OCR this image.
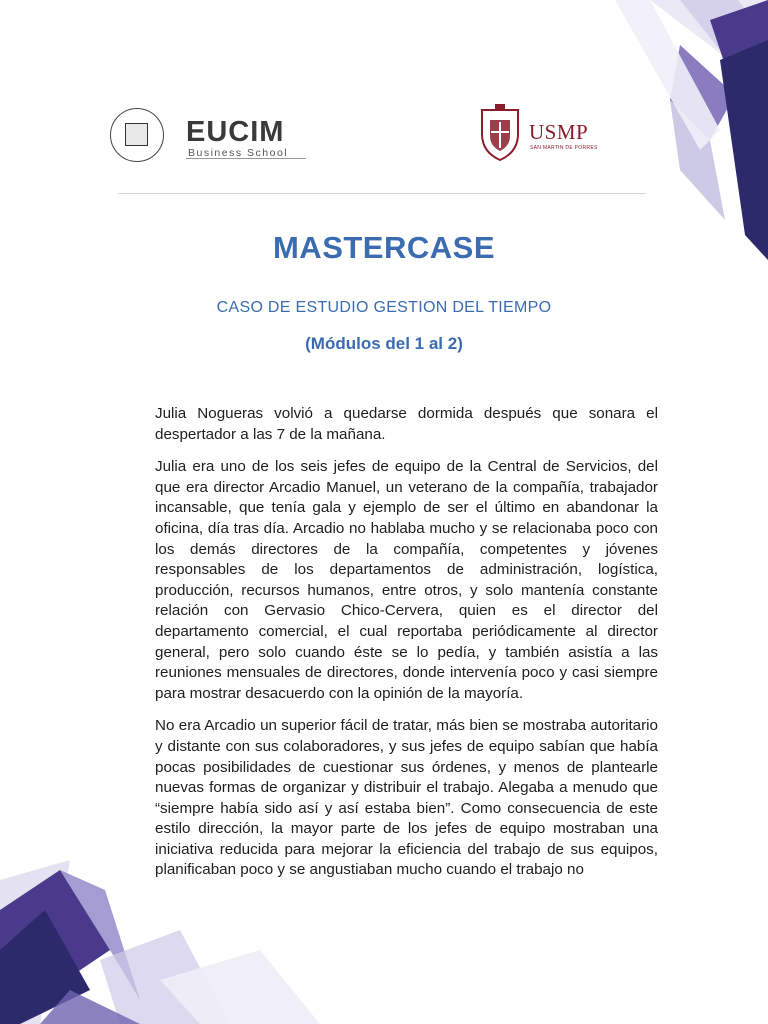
EUCIM
Business School
USMP
SAN MARTIN DE PORRES
MASTERCASE
CASO DE ESTUDIO GESTION DEL TIEMPO
(Módulos del 1 al 2)

Julia Nogueras volvió a quedarse dormida después que sonara el despertador a las 7 de la mañana.

Julia era uno de los seis jefes de equipo de la Central de Servicios, del que era director Arcadio Manuel, un veterano de la compañía, trabajador incansable, que tenía gala y ejemplo de ser el último en abandonar la oficina, día tras día. Arcadio no hablaba mucho y se relacionaba poco con los demás directores de la compañía, competentes y jóvenes responsables de los departamentos de administración, logística, producción, recursos humanos, entre otros, y solo mantenía constante relación con Gervasio Chico-Cervera, quien es el director del departamento comercial, el cual reportaba periódicamente al director general, pero solo cuando éste se lo pedía, y también asistía a las reuniones mensuales de directores, donde intervenía poco y casi siempre para mostrar desacuerdo con la opinión de la mayoría.

No era Arcadio un superior fácil de tratar, más bien se mostraba autoritario y distante con sus colaboradores, y sus jefes de equipo sabían que había pocas posibilidades de cuestionar sus órdenes, y menos de plantearle nuevas formas de organizar y distribuir el trabajo. Alegaba a menudo que “siempre había sido así y así estaba bien”. Como consecuencia de este estilo dirección, la mayor parte de los jefes de equipo mostraban una iniciativa reducida para mejorar la eficiencia del trabajo de sus equipos, planificaban poco y se angustiaban mucho cuando el trabajo no
